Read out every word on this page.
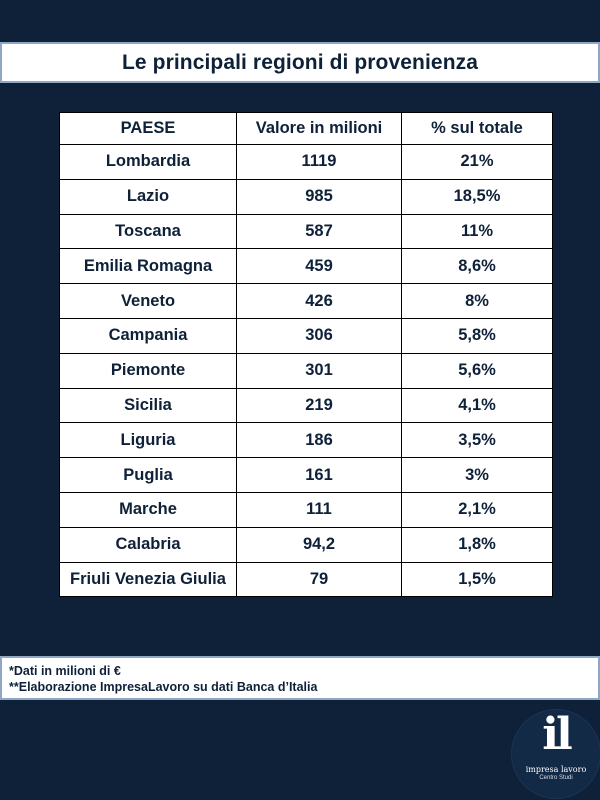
Le principali regioni di provenienza
PAESE	Valore in milioni	% sul totale
Lombardia	1119	21%
Lazio	985	18,5%
Toscana	587	11%
Emilia Romagna	459	8,6%
Veneto	426	8%
Campania	306	5,8%
Piemonte	301	5,6%
Sicilia	219	4,1%
Liguria	186	3,5%
Puglia	161	3%
Marche	111	2,1%
Calabria	94,2	1,8%
Friuli Venezia Giulia	79	1,5%
*Dati in milioni di €
**Elaborazione ImpresaLavoro su dati Banca d’Italia
il
impresa lavoro
Centro Studi
